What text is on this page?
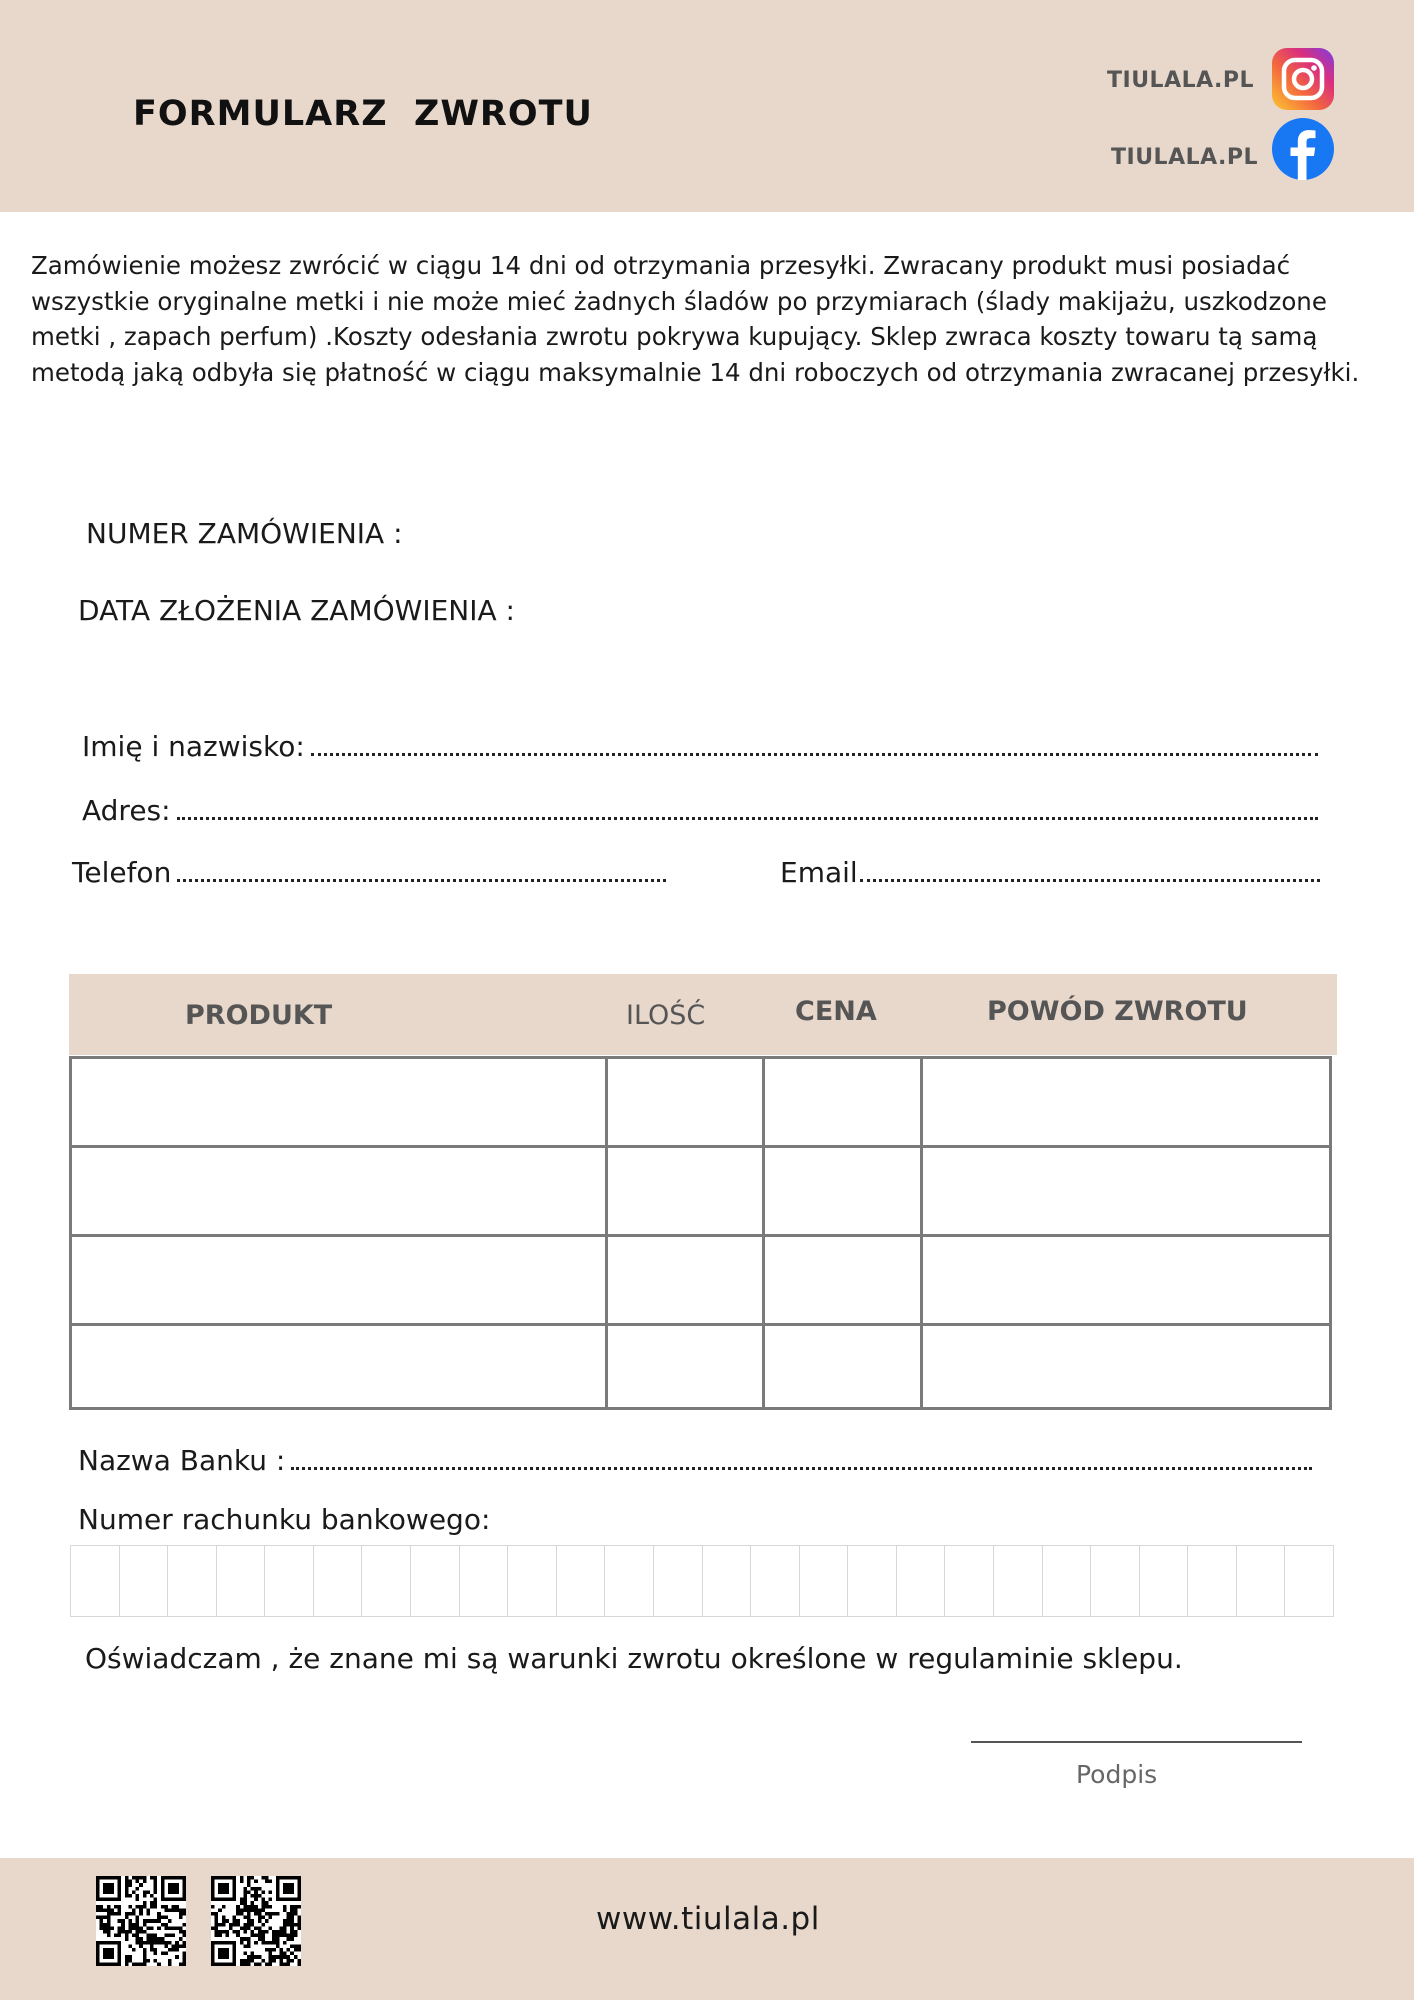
FORMULARZ  ZWROTU
TIULALA.PL
TIULALA.PL
Zamówienie możesz zwrócić w ciągu 14 dni od otrzymania przesyłki. Zwracany produkt musi posiadać wszystkie oryginalne metki i nie może mieć żadnych śladów po przymiarach (ślady makijażu, uszkodzone metki , zapach perfum) .Koszty odesłania zwrotu pokrywa kupujący. Sklep zwraca koszty towaru tą samą metodą jaką odbyła się płatność w ciągu maksymalnie 14 dni roboczych od otrzymania zwracanej przesyłki.
NUMER ZAMÓWIENIA :
DATA ZŁOŻENIA ZAMÓWIENIA :
Imię i nazwisko:
Adres:
Telefon	Email
PRODUKT	ILOŚĆ	CENA	POWÓD ZWROTU
Nazwa Banku :
Numer rachunku bankowego:
Oświadczam , że znane mi są warunki zwrotu określone w regulaminie sklepu.
Podpis
www.tiulala.pl
